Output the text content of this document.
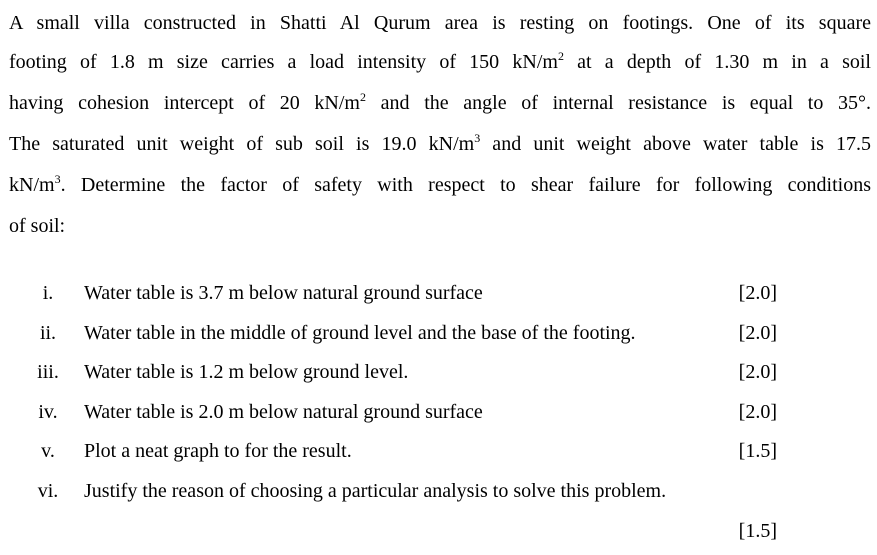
A small villa constructed in Shatti Al Qurum area is resting on footings. One of its square
footing of 1.8 m size carries a load intensity of 150 $kN/m^2$ at a depth of 1.30 m in a soil
having cohesion intercept of 20 $kN/m^2$ and the angle of internal resistance is equal to 35°.
The saturated unit weight of sub soil is 19.0 $kN/m^3$ and unit weight above water table is 17.5
$kN/m^3$. Determine the factor of safety with respect to shear failure for following conditions
of soil:
i.	Water table is 3.7 m below natural ground surface	[2.0]
ii.	Water table in the middle of ground level and the base of the footing.	[2.0]
iii.	Water table is 1.2 m below ground level.	[2.0]
iv.	Water table is 2.0 m below natural ground surface	[2.0]
v.	Plot a neat graph to for the result.	[1.5]
vi.	Justify the reason of choosing a particular analysis to solve this problem.
[1.5]
